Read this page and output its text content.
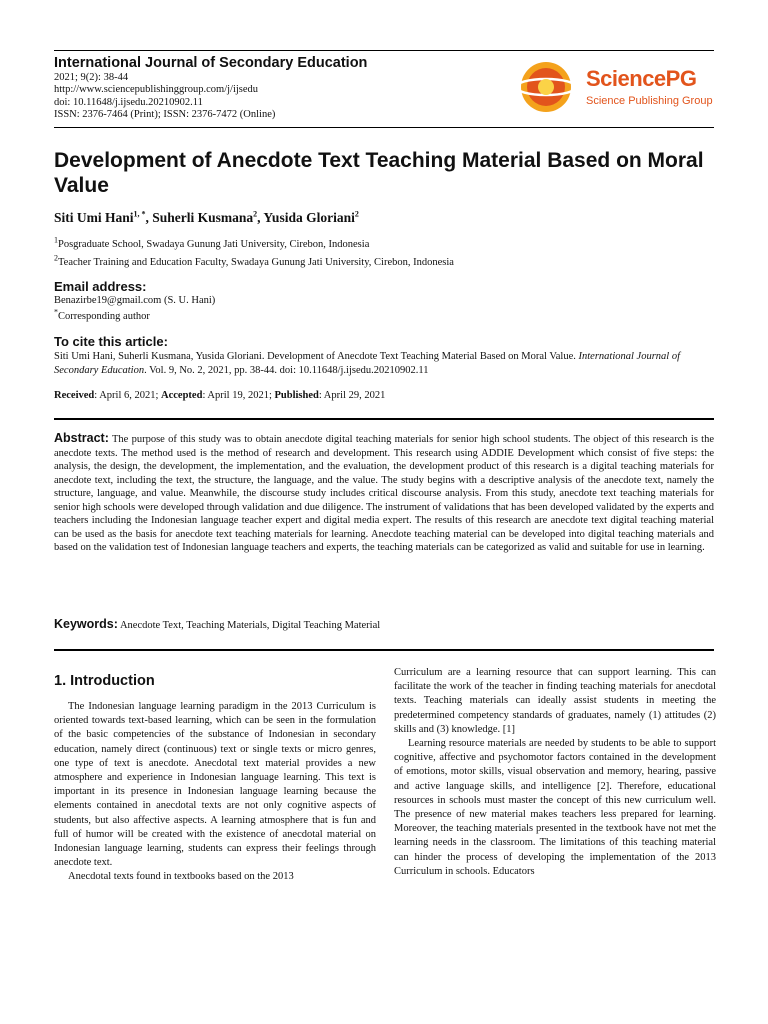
International Journal of Secondary Education
2021; 9(2): 38-44
http://www.sciencepublishinggroup.com/j/ijsedu
doi: 10.11648/j.ijsedu.20210902.11
ISSN: 2376-7464 (Print); ISSN: 2376-7472 (Online)
SciencePG
Science Publishing Group
Development of Anecdote Text Teaching Material Based on Moral Value
Siti Umi Hani$^{1, *}$, Suherli Kusmana$^2$, Yusida Gloriani$^2$
$^1$Posgraduate School, Swadaya Gunung Jati University, Cirebon, Indonesia
$^2$Teacher Training and Education Faculty, Swadaya Gunung Jati University, Cirebon, Indonesia
Email address:
Benazirbe19@gmail.com (S. U. Hani)
*Corresponding author
To cite this article:
Siti Umi Hani, Suherli Kusmana, Yusida Gloriani. Development of Anecdote Text Teaching Material Based on Moral Value. International Journal of Secondary Education. Vol. 9, No. 2, 2021, pp. 38-44. doi: 10.11648/j.ijsedu.20210902.11
Received: April 6, 2021; Accepted: April 19, 2021; Published: April 29, 2021
Abstract: The purpose of this study was to obtain anecdote digital teaching materials for senior high school students. The object of this research is the anecdote texts. The method used is the method of research and development. This research using ADDIE Development which consist of five steps: the analysis, the design, the development, the implementation, and the evaluation, the development product of this research is a digital teaching materials for anecdote text, including the text, the structure, the language, and the value. The study begins with a descriptive analysis of the anecdote text, namely the structure, language, and value. Meanwhile, the discourse study includes critical discourse analysis. From this study, anecdote text teaching materials for senior high schools were developed through validation and due diligence. The instrument of validations that has been developed validated by the experts and teachers including the Indonesian language teacher expert and digital media expert. The results of this research are anecdote text digital teaching material can be used as the basis for anecdote text teaching materials for learning. Anecdote teaching material can be developed into digital teaching materials and based on the validation test of Indonesian language teachers and experts, the teaching materials can be categorized as valid and suitable for use in learning.
Keywords: Anecdote Text, Teaching Materials, Digital Teaching Material
1. Introduction

The Indonesian language learning paradigm in the 2013 Curriculum is oriented towards text-based learning, which can be seen in the formulation of the basic competencies of the substance of Indonesian in secondary education, namely direct (continuous) text or single texts or micro genres, one type of text is anecdote. Anecdotal text material provides a new atmosphere and experience in Indonesian language learning. This text is important in its presence in Indonesian language learning because the elements contained in anecdotal texts are not only cognitive aspects of students, but also affective aspects. A learning atmosphere that is fun and full of humor will be created with the existence of anecdotal material on Indonesian language learning, students can express their feelings through anecdote text.

Anecdotal texts found in textbooks based on the 2013

Curriculum are a learning resource that can support learning. This can facilitate the work of the teacher in finding teaching materials for anecdotal texts. Teaching materials can ideally assist students in meeting the predetermined competency standards of graduates, namely (1) attitudes (2) skills and (3) knowledge. [1]

Learning resource materials are needed by students to be able to support cognitive, affective and psychomotor factors contained in the development of emotions, motor skills, visual observation and memory, hearing, passive and active language skills, and intelligence [2]. Therefore, educational resources in schools must master the concept of this new curriculum well. The presence of new material makes teachers less prepared for learning. Moreover, the teaching materials presented in the textbook have not met the learning needs in the classroom. The limitations of this teaching material can hinder the process of developing the implementation of the 2013 Curriculum in schools. Educators
